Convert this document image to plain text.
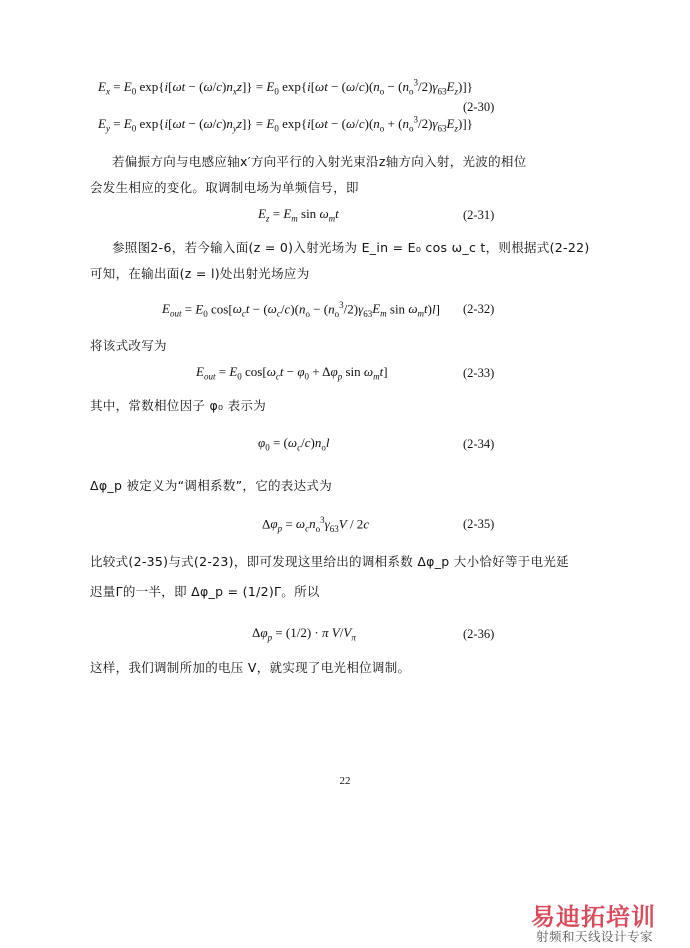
$E_x = E_0$ $\exp\{i[\omega t - (\omega/c)n_xz]\} = E_0$ $\exp\{i[\omega t - (\omega/c)(n_o - (n_o^3/2)\gamma_{63}E_z)]\}$
(2-30)
$E_y = E_0$ $\exp\{i[\omega t - (\omega/c)n_yz]\} = E_0$ $\exp\{i[\omega t - (\omega/c)(n_o + (n_o^3/2)\gamma_{63}E_z)]\}$
若偏振方向与电感应轴x′方向平行的入射光束沿z轴方向入射，光波的相位
会发生相应的变化。取调制电场为单频信号，即
$E_z = E_m$ $\sin \omega_mt$	(2-31)
参照图2-6，若今输入面(z = 0)入射光场为 E_in = E₀ cos ω_c t，则根据式(2-22)
可知，在输出面(z = l)处出射光场应为
$E_{out} = E_0$ $\cos[\omega_ct - (\omega_c/c)(n_o - (n_o^3/2)\gamma_{63}E_m$ $\sin \omega_mt)l$] (2-32)
将该式改写为
$E_{out} = E_0$ $\cos[\omega_ct - \varphi_0 + \Delta\varphi_p$ $\sin \omega_mt$]	(2-33)
其中，常数相位因子 φ₀ 表示为
$\varphi_0 = (\omega_c/c)n_ol$	(2-34)
Δφ_p 被定义为“调相系数”，它的表达式为
$\Delta\varphi_p = \omega_cn_o^3\gamma_{63}V / 2c$	(2-35)
比较式(2-35)与式(2-23)，即可发现这里给出的调相系数 Δφ_p 大小恰好等于电光延
迟量Γ的一半，即 Δφ_p = (1/2)Γ。所以
$\Delta\varphi_p = (1/2) \cdot \pi$ $V/V_\pi$	(2-36)
这样，我们调制所加的电压 V，就实现了电光相位调制。
22
易迪拓培训
射频和天线设计专家
